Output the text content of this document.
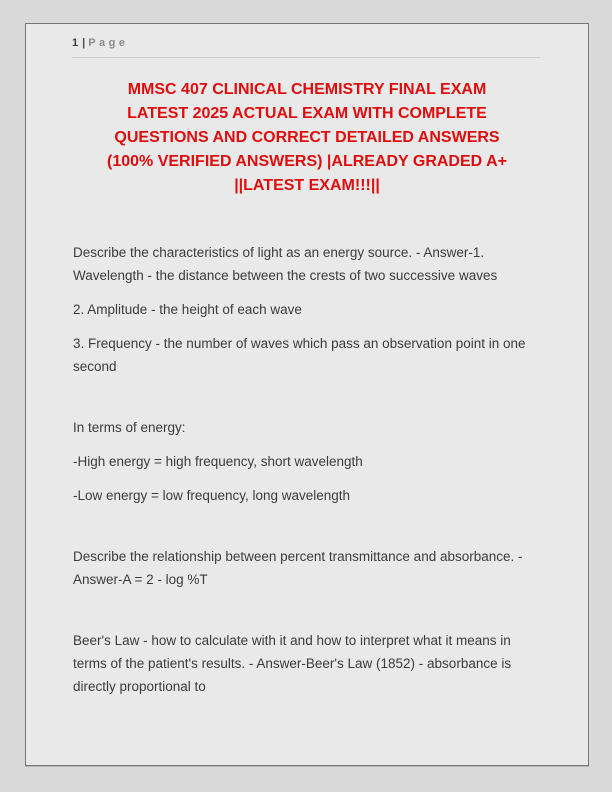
1 | Page
MMSC 407 CLINICAL CHEMISTRY FINAL EXAM
LATEST 2025 ACTUAL EXAM WITH COMPLETE
QUESTIONS AND CORRECT DETAILED ANSWERS
(100% VERIFIED ANSWERS) |ALREADY GRADED A+
||LATEST EXAM!!!||

Describe the characteristics of light as an energy source. - Answer-1. Wavelength - the distance between the crests of two successive waves

2. Amplitude - the height of each wave

3. Frequency - the number of waves which pass an observation point in one second

In terms of energy:

-High energy = high frequency, short wavelength

-Low energy = low frequency, long wavelength

Describe the relationship between percent transmittance and absorbance. - Answer-A = 2 - log %T

Beer's Law - how to calculate with it and how to interpret what it means in terms of the patient's results. - Answer-Beer's Law (1852) - absorbance is directly proportional to
